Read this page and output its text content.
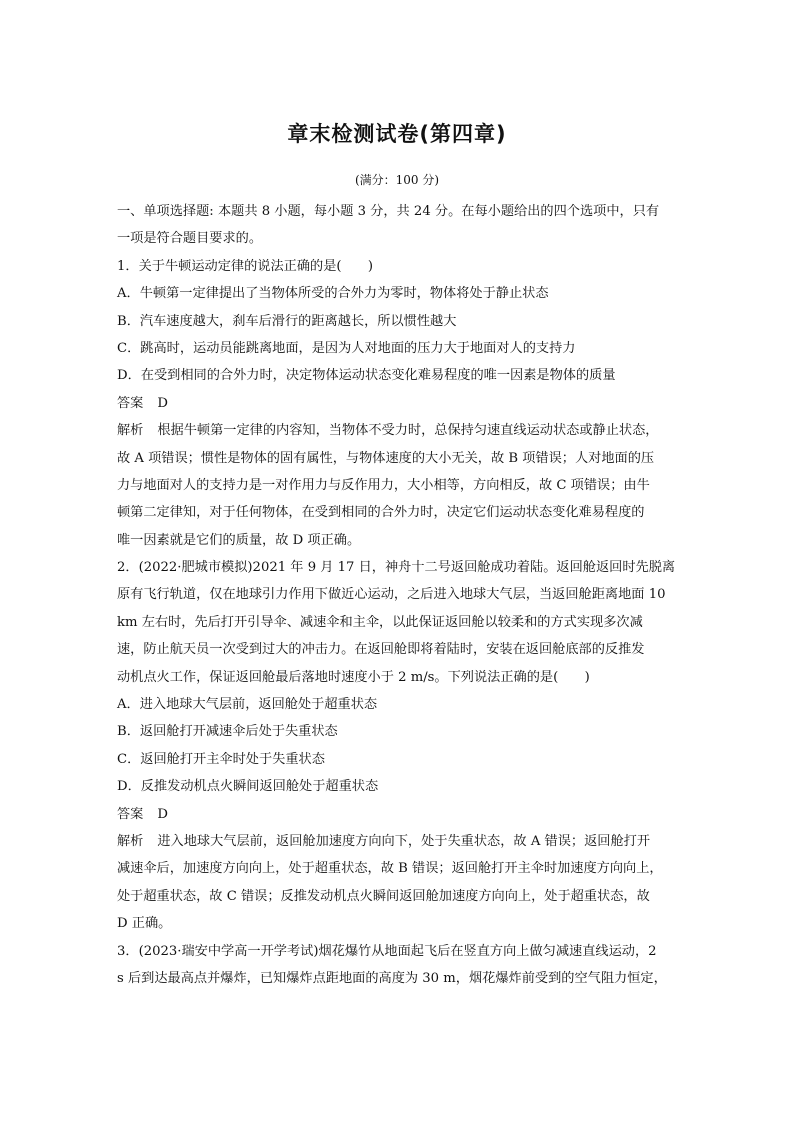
章末检测试卷(第四章)
(满分：100 分)
一、单项选择题: 本题共 8 小题，每小题 3 分，共 24 分。在每小题给出的四个选项中，只有
一项是符合题目要求的。
1．关于牛顿运动定律的说法正确的是(　　)
A．牛顿第一定律提出了当物体所受的合外力为零时，物体将处于静止状态
B．汽车速度越大，刹车后滑行的距离越长，所以惯性越大
C．跳高时，运动员能跳离地面，是因为人对地面的压力大于地面对人的支持力
D．在受到相同的合外力时，决定物体运动状态变化难易程度的唯一因素是物体的质量
答案 D
解析 根据牛顿第一定律的内容知，当物体不受力时，总保持匀速直线运动状态或静止状态，
故 A 项错误；惯性是物体的固有属性，与物体速度的大小无关，故 B 项错误；人对地面的压
力与地面对人的支持力是一对作用力与反作用力，大小相等，方向相反，故 C 项错误；由牛
顿第二定律知，对于任何物体，在受到相同的合外力时，决定它们运动状态变化难易程度的
唯一因素就是它们的质量，故 D 项正确。
2．(2022·肥城市模拟)2021 年 9 月 17 日，神舟十二号返回舱成功着陆。返回舱返回时先脱离
原有飞行轨道，仅在地球引力作用下做近心运动，之后进入地球大气层，当返回舱距离地面 10
km 左右时，先后打开引导伞、减速伞和主伞，以此保证返回舱以较柔和的方式实现多次减
速，防止航天员一次受到过大的冲击力。在返回舱即将着陆时，安装在返回舱底部的反推发
动机点火工作，保证返回舱最后落地时速度小于 2 m/s。下列说法正确的是(　　)
A．进入地球大气层前，返回舱处于超重状态
B．返回舱打开减速伞后处于失重状态
C．返回舱打开主伞时处于失重状态
D．反推发动机点火瞬间返回舱处于超重状态
答案 D
解析 进入地球大气层前，返回舱加速度方向向下，处于失重状态，故 A 错误；返回舱打开
减速伞后，加速度方向向上，处于超重状态，故 B 错误；返回舱打开主伞时加速度方向向上，
处于超重状态，故 C 错误；反推发动机点火瞬间返回舱加速度方向向上，处于超重状态，故
D 正确。
3．(2023·瑞安中学高一开学考试)烟花爆竹从地面起飞后在竖直方向上做匀减速直线运动，2
s 后到达最高点并爆炸，已知爆炸点距地面的高度为 30 m，烟花爆炸前受到的空气阻力恒定，
